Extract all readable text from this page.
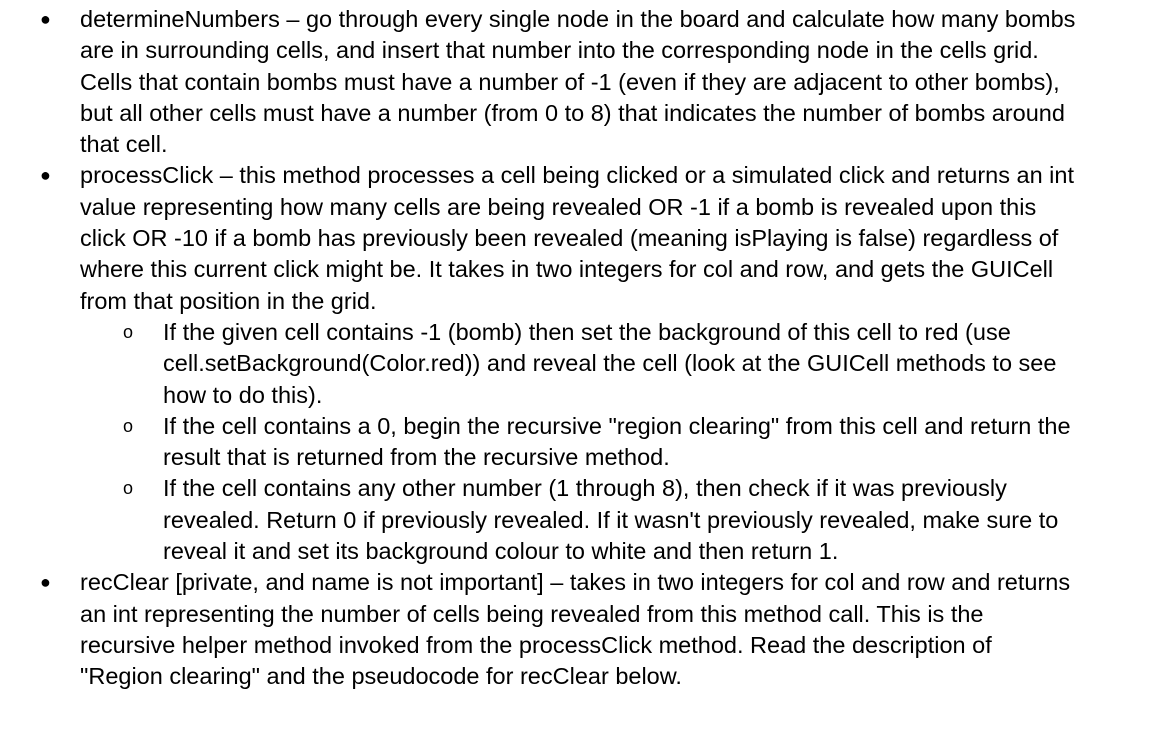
● determineNumbers – go through every single node in the board and calculate how many bombs are in surrounding cells, and insert that number into the corresponding node in the cells grid. Cells that contain bombs must have a number of -1 (even if they are adjacent to other bombs), but all other cells must have a number (from 0 to 8) that indicates the number of bombs around that cell.
● processClick – this method processes a cell being clicked or a simulated click and returns an int value representing how many cells are being revealed OR -1 if a bomb is revealed upon this click OR -10 if a bomb has previously been revealed (meaning isPlaying is false) regardless of where this current click might be. It takes in two integers for col and row, and gets the GUICell from that position in the grid.
o If the given cell contains -1 (bomb) then set the background of this cell to red (use cell.setBackground(Color.red)) and reveal the cell (look at the GUICell methods to see how to do this).
o If the cell contains a 0, begin the recursive "region clearing" from this cell and return the result that is returned from the recursive method.
o If the cell contains any other number (1 through 8), then check if it was previously revealed. Return 0 if previously revealed. If it wasn't previously revealed, make sure to reveal it and set its background colour to white and then return 1.
● recClear [private, and name is not important] – takes in two integers for col and row and returns an int representing the number of cells being revealed from this method call. This is the recursive helper method invoked from the processClick method. Read the description of "Region clearing" and the pseudocode for recClear below.
